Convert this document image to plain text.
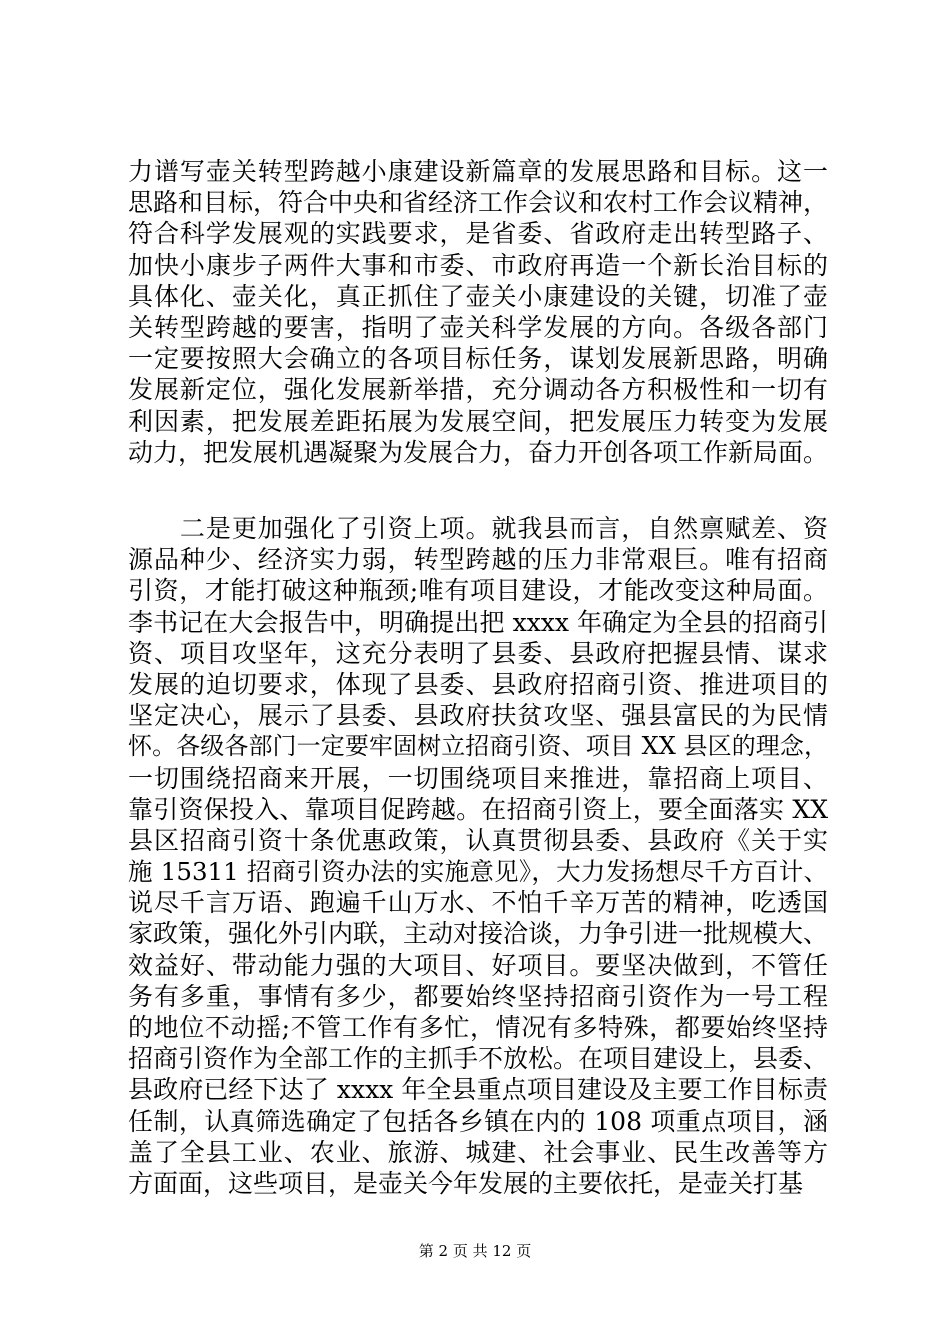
力谱写壶关转型跨越小康建设新篇章的发展思路和目标。这一
思路和目标，符合中央和省经济工作会议和农村工作会议精神，
符合科学发展观的实践要求，是省委、省政府走出转型路子、
加快小康步子两件大事和市委、市政府再造一个新长治目标的
具体化、壶关化，真正抓住了壶关小康建设的关键，切准了壶
关转型跨越的要害，指明了壶关科学发展的方向。各级各部门
一定要按照大会确立的各项目标任务，谋划发展新思路，明确
发展新定位，强化发展新举措，充分调动各方积极性和一切有
利因素，把发展差距拓展为发展空间，把发展压力转变为发展
动力，把发展机遇凝聚为发展合力，奋力开创各项工作新局面。
　　二是更加强化了引资上项。就我县而言，自然禀赋差、资
源品种少、经济实力弱，转型跨越的压力非常艰巨。唯有招商
引资，才能打破这种瓶颈;唯有项目建设，才能改变这种局面。
李书记在大会报告中，明确提出把 xxxx 年确定为全县的招商引
资、项目攻坚年，这充分表明了县委、县政府把握县情、谋求
发展的迫切要求，体现了县委、县政府招商引资、推进项目的
坚定决心，展示了县委、县政府扶贫攻坚、强县富民的为民情
怀。各级各部门一定要牢固树立招商引资、项目 XX 县区的理念，
一切围绕招商来开展，一切围绕项目来推进，靠招商上项目、
靠引资保投入、靠项目促跨越。在招商引资上，要全面落实 XX
县区招商引资十条优惠政策，认真贯彻县委、县政府《关于实
施 15311 招商引资办法的实施意见》，大力发扬想尽千方百计、
说尽千言万语、跑遍千山万水、不怕千辛万苦的精神，吃透国
家政策，强化外引内联，主动对接洽谈，力争引进一批规模大、
效益好、带动能力强的大项目、好项目。要坚决做到，不管任
务有多重，事情有多少，都要始终坚持招商引资作为一号工程
的地位不动摇;不管工作有多忙，情况有多特殊，都要始终坚持
招商引资作为全部工作的主抓手不放松。在项目建设上，县委、
县政府已经下达了 xxxx 年全县重点项目建设及主要工作目标责
任制，认真筛选确定了包括各乡镇在内的 108 项重点项目，涵
盖了全县工业、农业、旅游、城建、社会事业、民生改善等方
方面面，这些项目，是壶关今年发展的主要依托，是壶关打基
第 2 页 共 12 页
